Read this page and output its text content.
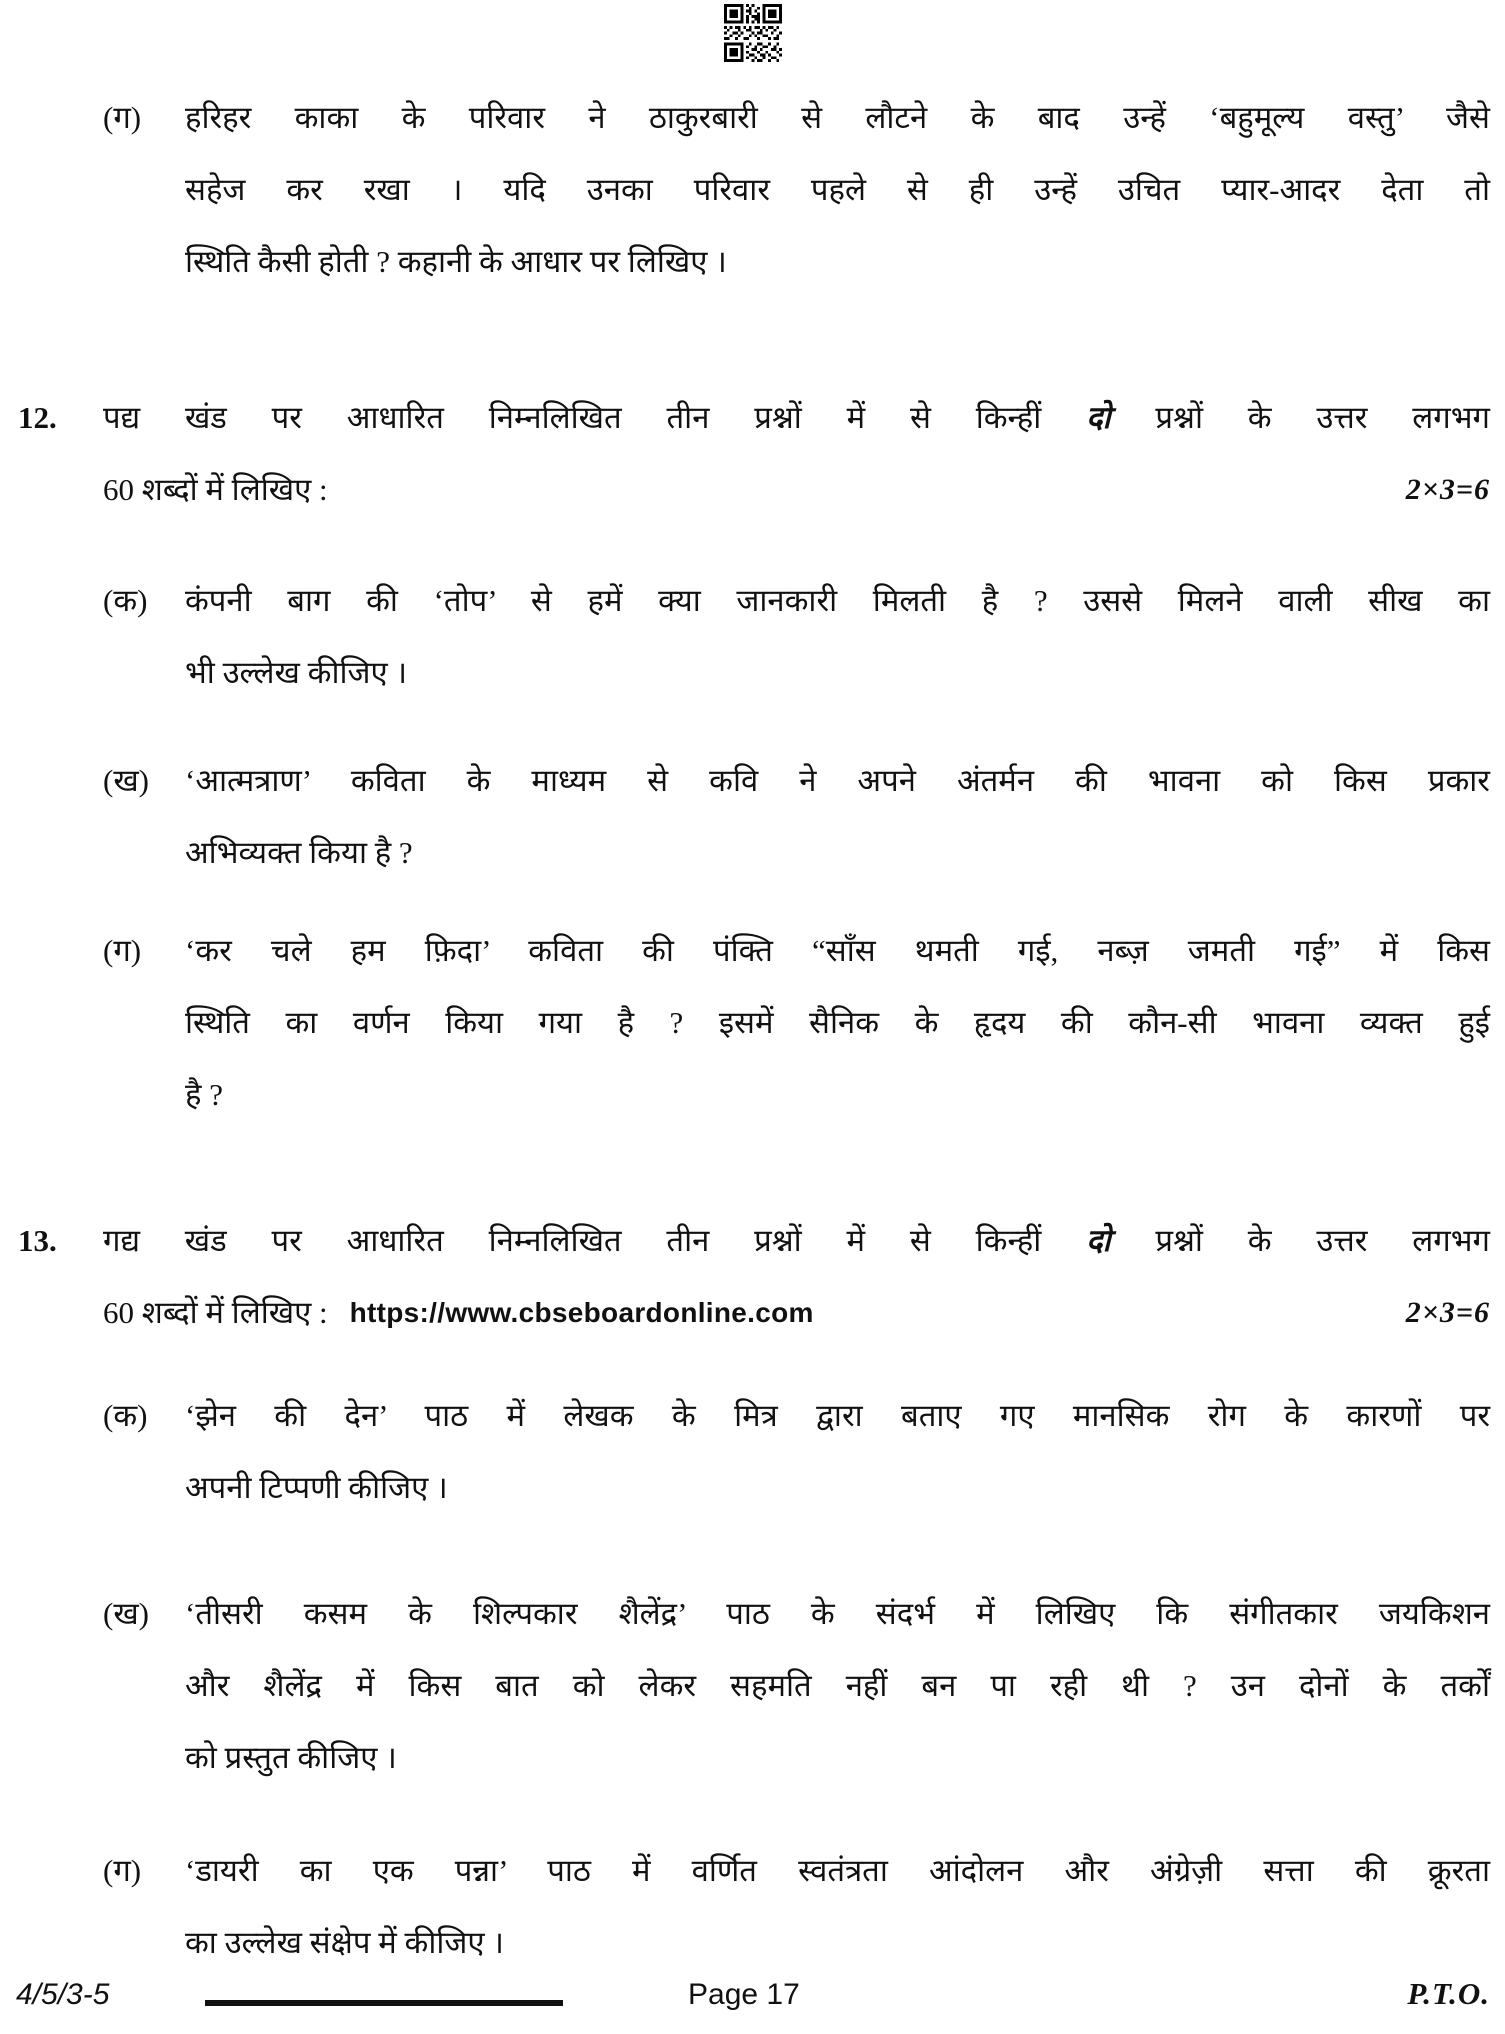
(ग) हरिहर काका के परिवार ने ठाकुरबारी से लौटने के बाद उन्हें ‘बहुमूल्य वस्तु’ जैसे
सहेज कर रखा । यदि उनका परिवार पहले से ही उन्हें उचित प्यार-आदर देता तो
स्थिति कैसी होती ? कहानी के आधार पर लिखिए ।
12. पद्य खंड पर आधारित निम्नलिखित तीन प्रश्नों में से किन्हीं दो प्रश्नों के उत्तर लगभग
60 शब्दों में लिखिए :	2×3=6
(क) कंपनी बाग की ‘तोप’ से हमें क्या जानकारी मिलती है ? उससे मिलने वाली सीख का
भी उल्लेख कीजिए ।
(ख) ‘आत्मत्राण’ कविता के माध्यम से कवि ने अपने अंतर्मन की भावना को किस प्रकार
अभिव्यक्त किया है ?
(ग) ‘कर चले हम फ़िदा’ कविता की पंक्ति “साँस थमती गई, नब्ज़ जमती गई” में किस
स्थिति का वर्णन किया गया है ? इसमें सैनिक के हृदय की कौन-सी भावना व्यक्त हुई
है ?
13. गद्य खंड पर आधारित निम्नलिखित तीन प्रश्नों में से किन्हीं दो प्रश्नों के उत्तर लगभग
60 शब्दों में लिखिए : https://www.cbseboardonline.com	2×3=6
(क) ‘झेन की देन’ पाठ में लेखक के मित्र द्वारा बताए गए मानसिक रोग के कारणों पर
अपनी टिप्पणी कीजिए ।
(ख) ‘तीसरी कसम के शिल्पकार शैलेंद्र’ पाठ के संदर्भ में लिखिए कि संगीतकार जयकिशन
और शैलेंद्र में किस बात को लेकर सहमति नहीं बन पा रही थी ? उन दोनों के तर्कों
को प्रस्तुत कीजिए ।
(ग) ‘डायरी का एक पन्ना’ पाठ में वर्णित स्वतंत्रता आंदोलन और अंग्रेज़ी सत्ता की क्रूरता
का उल्लेख संक्षेप में कीजिए ।
4/5/3-5	Page 17	P.T.O.
